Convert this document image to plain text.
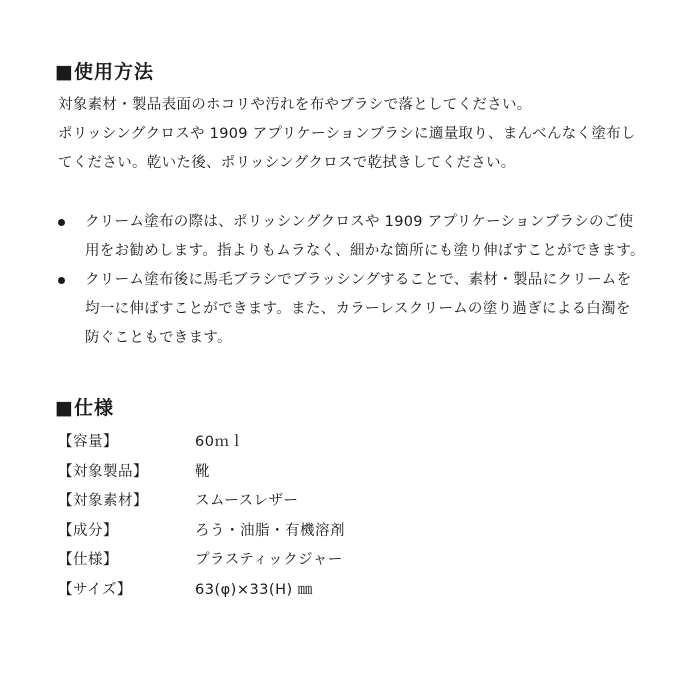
■使用方法
対象素材・製品表面のホコリや汚れを布やブラシで落としてください。
ポリッシングクロスや 1909 アプリケーションブラシに適量取り、まんべんなく塗布し
てください。乾いた後、ポリッシングクロスで乾拭きしてください。
クリーム塗布の際は、ポリッシングクロスや 1909 アプリケーションブラシのご使
用をお勧めします。指よりもムラなく、細かな箇所にも塗り伸ばすことができます。
クリーム塗布後に馬毛ブラシでブラッシングすることで、素材・製品にクリームを
均一に伸ばすことができます。また、カラーレスクリームの塗り過ぎによる白濁を
防ぐこともできます。
■仕様
【容量】	60ｍｌ
【対象製品】	靴
【対象素材】	スムースレザー
【成分】	ろう・油脂・有機溶剤
【仕様】	プラスティックジャー
【サイズ】	63(φ)×33(H) ㎜
